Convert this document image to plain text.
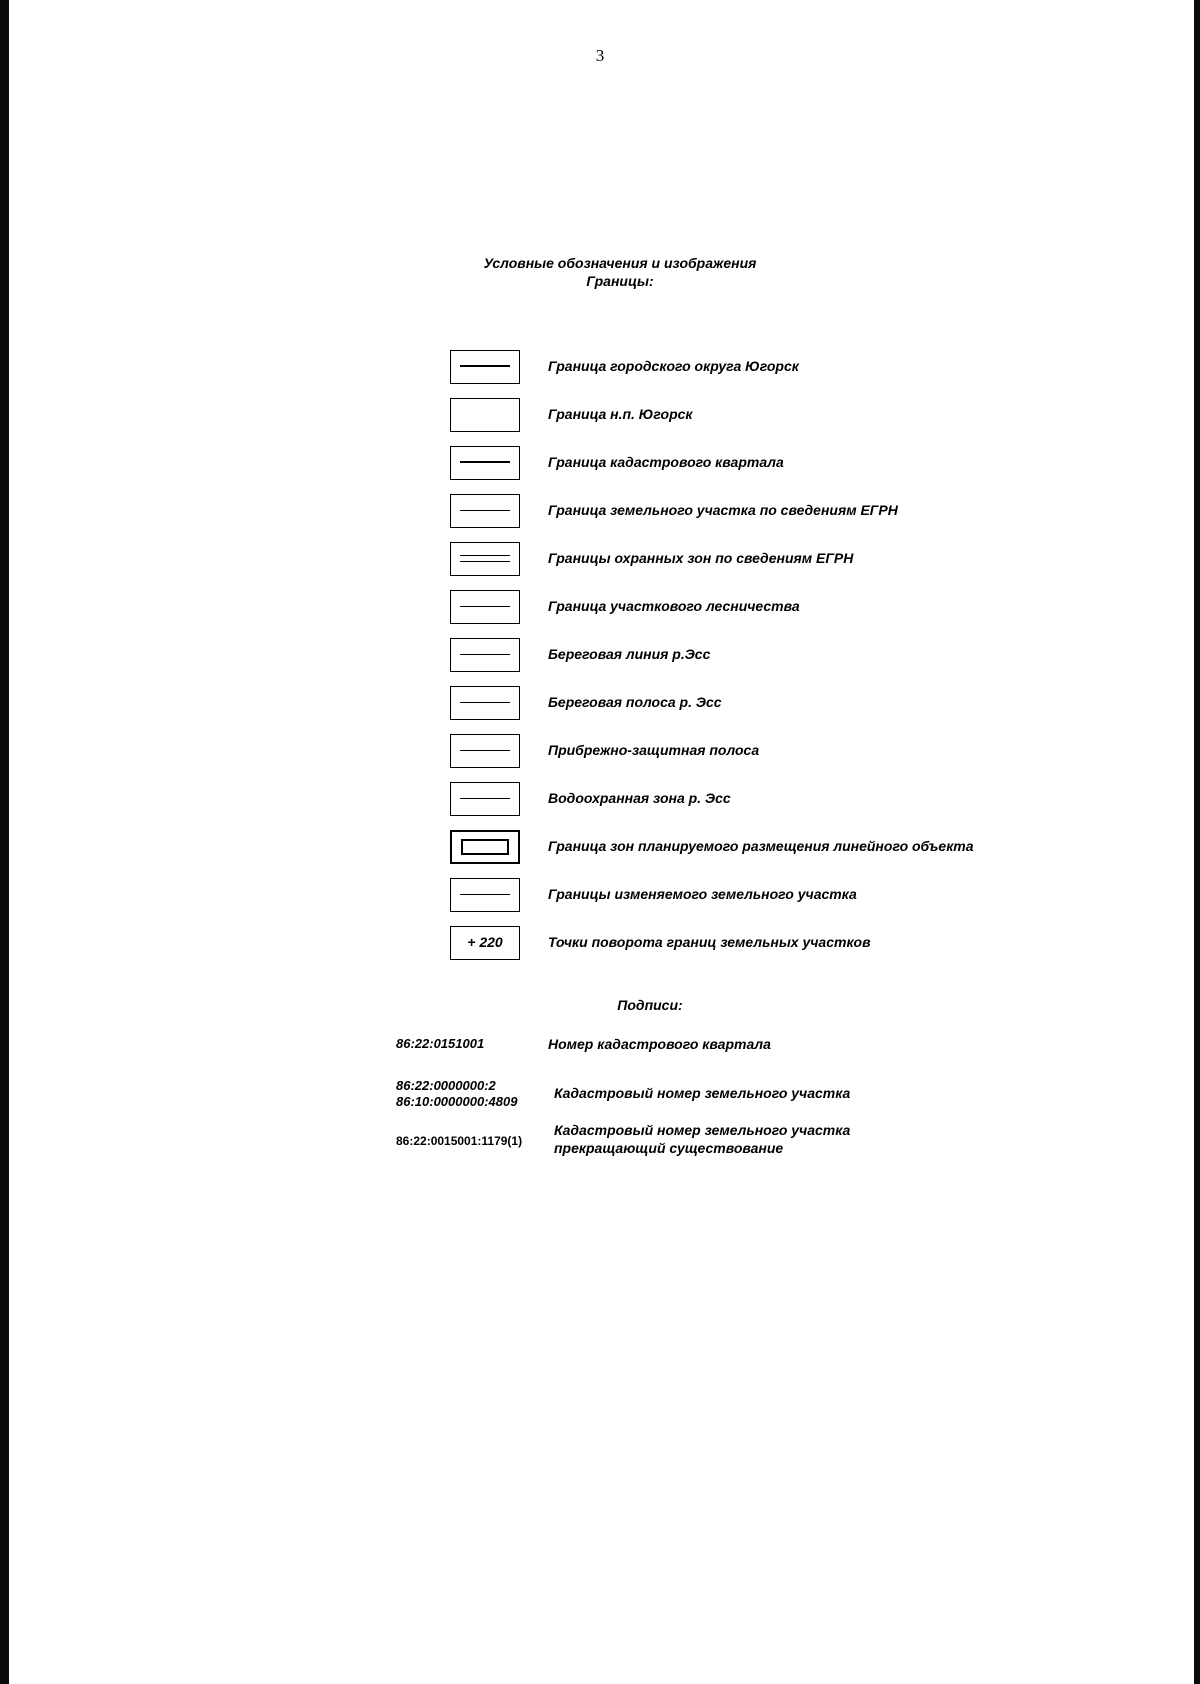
3
Условные обозначения и изображения
Границы:
Граница городского округа Югорск
Граница н.п. Югорск
Граница кадастрового квартала
Граница земельного участка по сведениям ЕГРН
Границы охранных зон по сведениям ЕГРН
Граница участкового лесничества
Береговая линия р.Эсс
Береговая полоса р. Эсс
Прибрежно-защитная полоса
Водоохранная зона р. Эсс
Граница зон планируемого размещения линейного объекта
Границы изменяемого земельного участка
+ 220	Точки поворота границ земельных участков
Подписи:
86:22:0151001	Номер кадастрового квартала
86:22:0000000:2
86:10:0000000:4809
Кадастровый номер земельного участка
86:22:0015001:1179(1)
Кадастровый номер земельного участка
прекращающий существование
